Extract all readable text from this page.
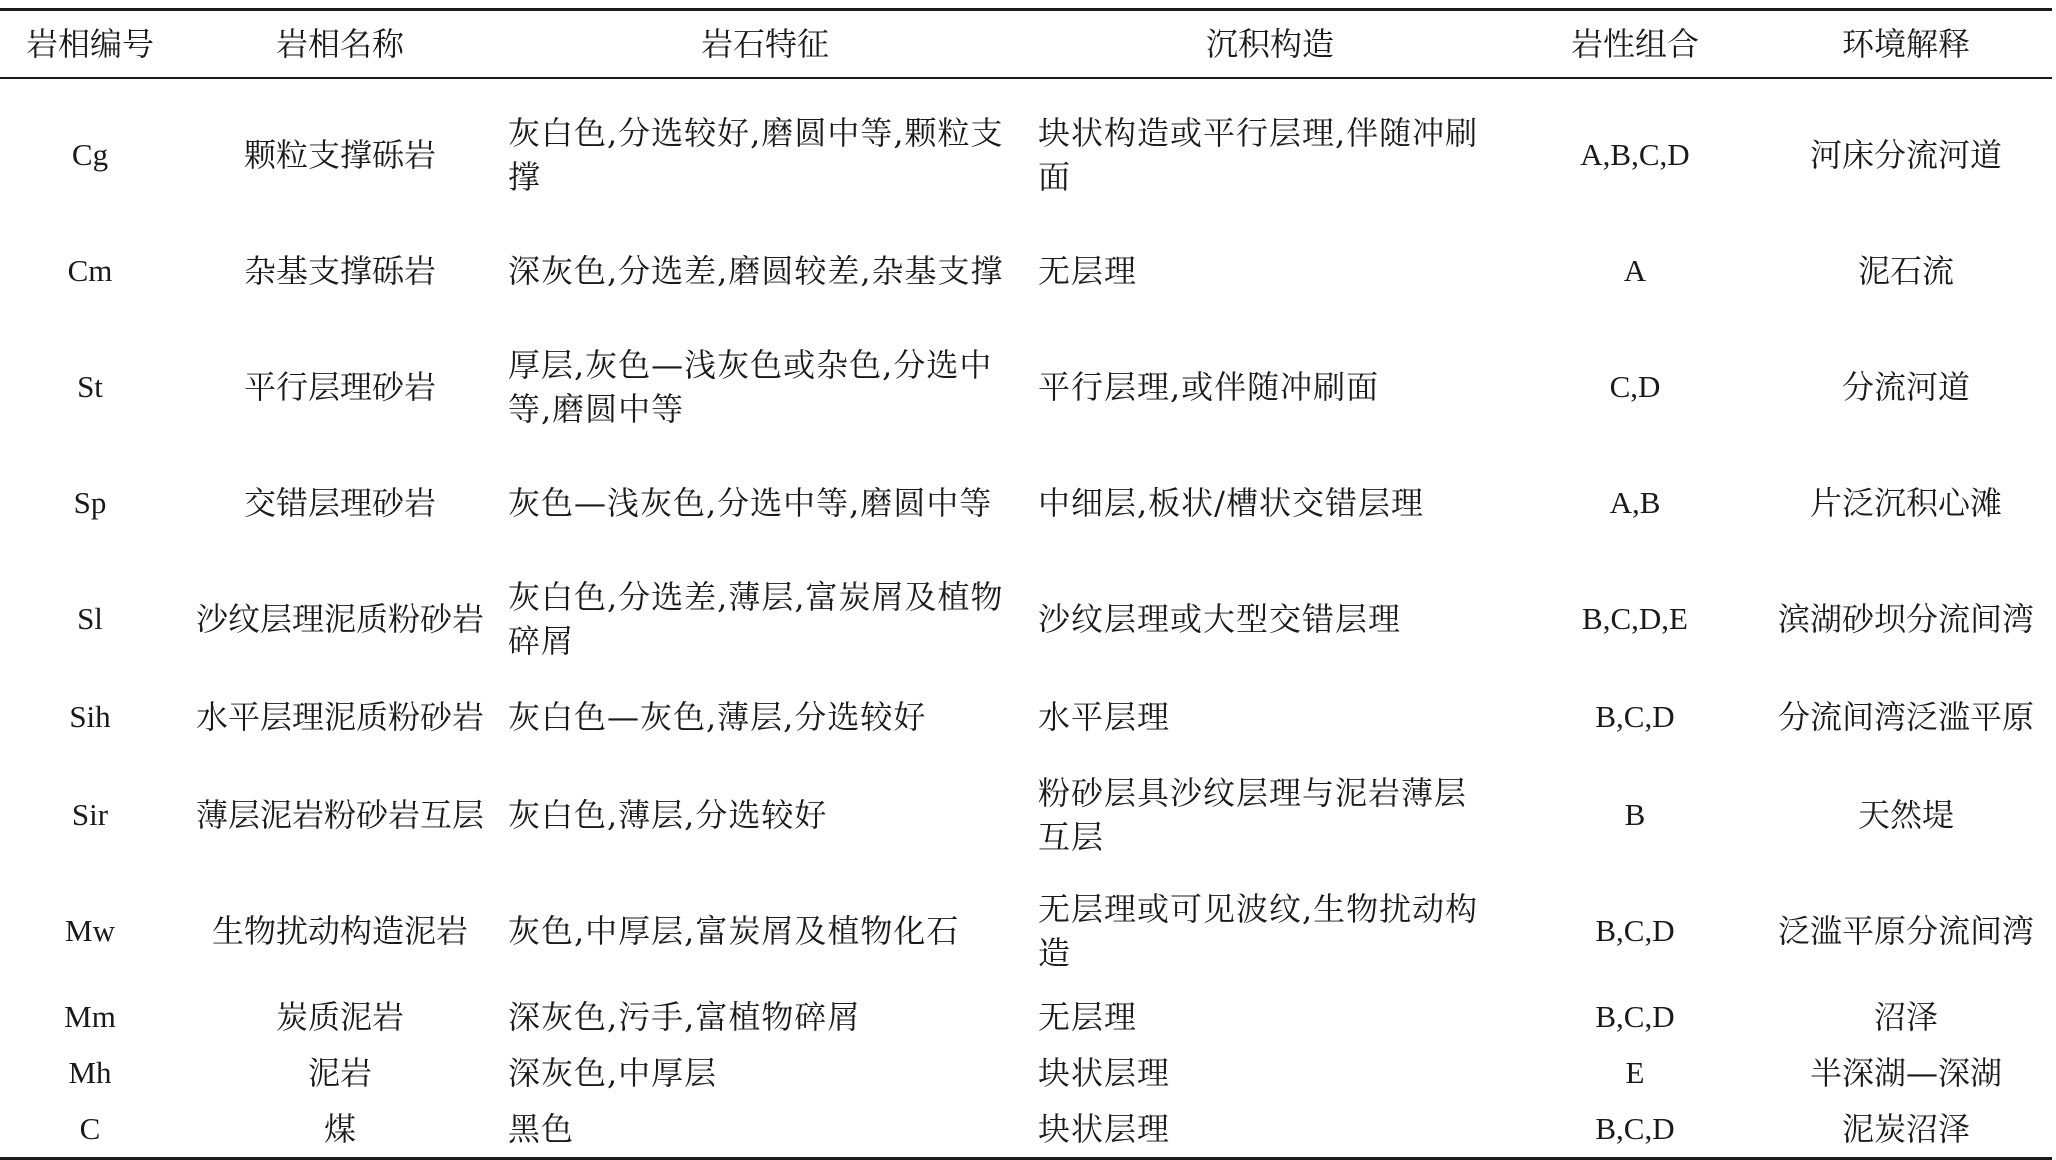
岩相编号	岩相名称	岩石特征	沉积构造	岩性组合	环境解释

Cg	颗粒支撑砾岩	灰白色,分选较好,磨圆中等,颗粒支撑	块状构造或平行层理,伴随冲刷面	A,B,C,D	河床分流河道
Cm	杂基支撑砾岩	深灰色,分选差,磨圆较差,杂基支撑	无层理	A	泥石流
St	平行层理砂岩	厚层,灰色—浅灰色或杂色,分选中等,磨圆中等	平行层理,或伴随冲刷面	C,D	分流河道
Sp	交错层理砂岩	灰色—浅灰色,分选中等,磨圆中等	中细层,板状/槽状交错层理	A,B	片泛沉积心滩
Sl	沙纹层理泥质粉砂岩	灰白色,分选差,薄层,富炭屑及植物碎屑	沙纹层理或大型交错层理	B,C,D,E	滨湖砂坝分流间湾
Sih	水平层理泥质粉砂岩	灰白色—灰色,薄层,分选较好	水平层理	B,C,D	分流间湾泛滥平原
Sir	薄层泥岩粉砂岩互层	灰白色,薄层,分选较好	粉砂层具沙纹层理与泥岩薄层互层	B	天然堤
Mw	生物扰动构造泥岩	灰色,中厚层,富炭屑及植物化石	无层理或可见波纹,生物扰动构造	B,C,D	泛滥平原分流间湾
Mm	炭质泥岩	深灰色,污手,富植物碎屑	无层理	B,C,D	沼泽
Mh	泥岩	深灰色,中厚层	块状层理	E	半深湖—深湖
C	煤	黑色	块状层理	B,C,D	泥炭沼泽
